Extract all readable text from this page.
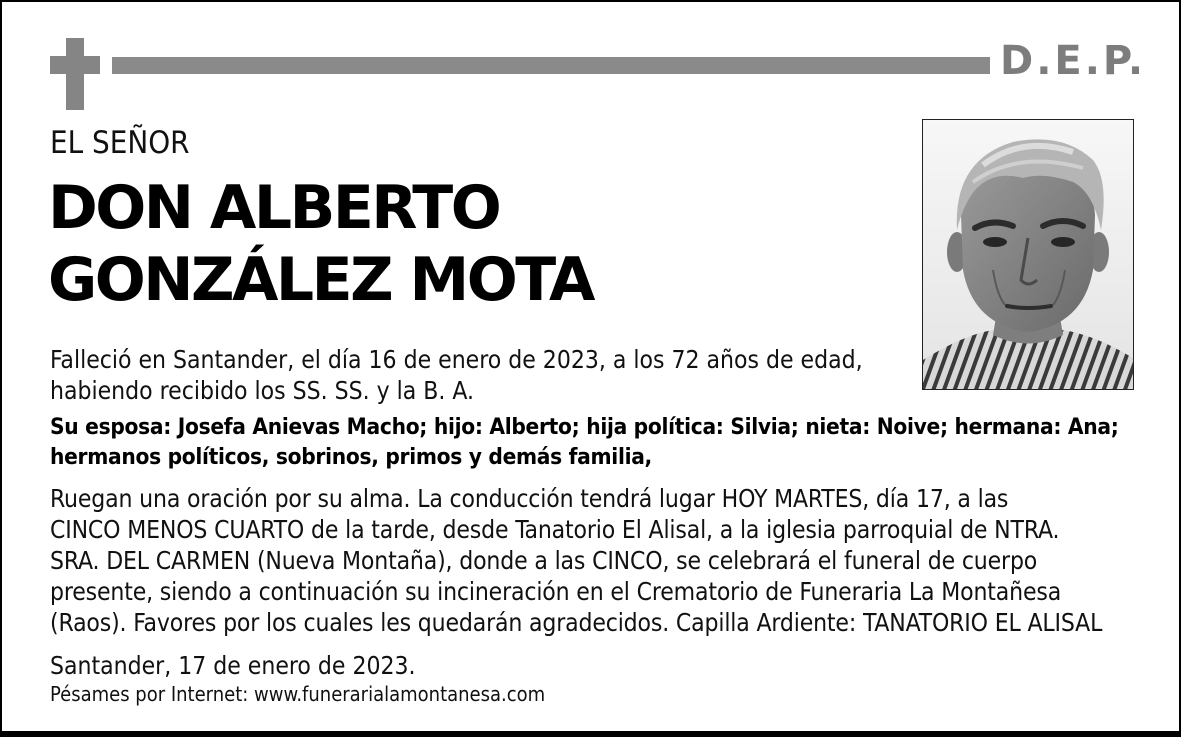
D.E.P.
EL SEÑOR
DON ALBERTO
GONZÁLEZ MOTA
Falleció en Santander, el día 16 de enero de 2023, a los 72 años de edad,
habiendo recibido los SS. SS. y la B. A.
Su esposa: Josefa Anievas Macho; hijo: Alberto; hija política: Silvia; nieta: Noive; hermana: Ana;
hermanos políticos, sobrinos, primos y demás familia,
Ruegan una oración por su alma. La conducción tendrá lugar HOY MARTES, día 17, a las
CINCO MENOS CUARTO de la tarde, desde Tanatorio El Alisal, a la iglesia parroquial de NTRA.
SRA. DEL CARMEN (Nueva Montaña), donde a las CINCO, se celebrará el funeral de cuerpo
presente, siendo a continuación su incineración en el Crematorio de Funeraria La Montañesa
(Raos). Favores por los cuales les quedarán agradecidos. Capilla Ardiente: TANATORIO EL ALISAL
Santander, 17 de enero de 2023.
Pésames por Internet: www.funerarialamontanesa.com
